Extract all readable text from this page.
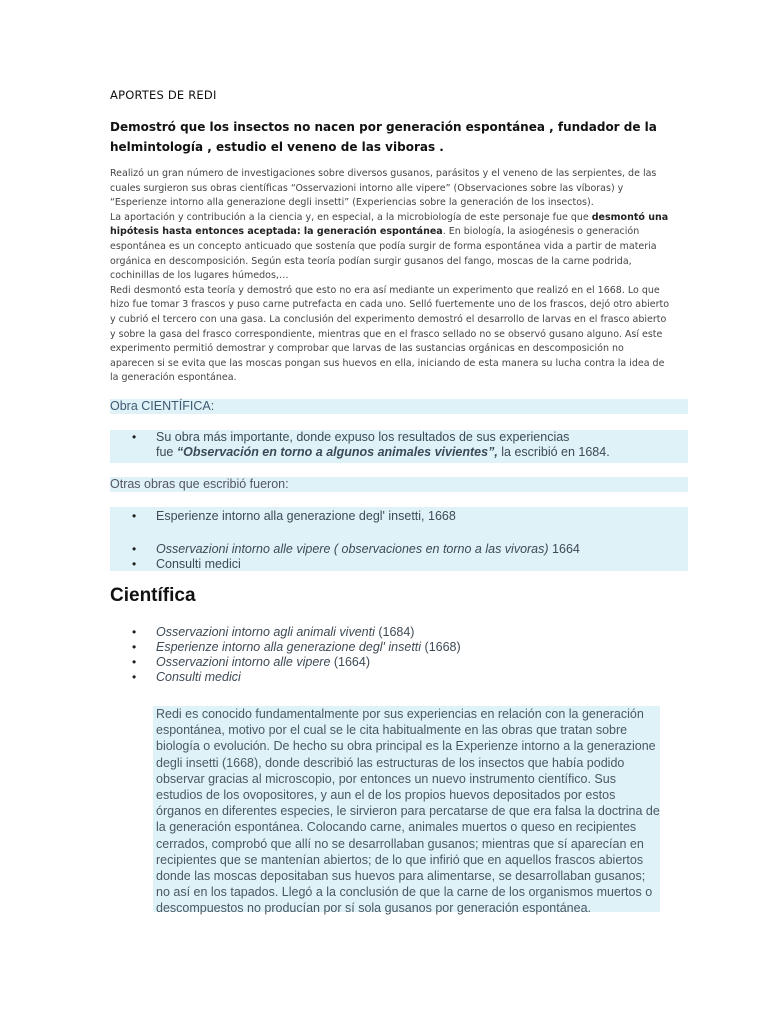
APORTES DE REDI
Demostró que los insectos no nacen por generación espontánea , fundador de la helmintología , estudio el veneno de las viboras .

Realizó un gran número de investigaciones sobre diversos gusanos, parásitos y el veneno de las serpientes, de las cuales surgieron sus obras científicas “Osservazioni intorno alle vipere” (Observaciones sobre las víboras) y “Esperienze intorno alla generazione degli insetti” (Experiencias sobre la generación de los insectos).

La aportación y contribución a la ciencia y, en especial, a la microbiología de este personaje fue que desmontó una hipótesis hasta entonces aceptada: la generación espontánea. En biología, la asiogénesis o generación espontánea es un concepto anticuado que sostenía que podía surgir de forma espontánea vida a partir de materia orgánica en descomposición. Según esta teoría podían surgir gusanos del fango, moscas de la carne podrida, cochinillas de los lugares húmedos,…

Redi desmontó esta teoría y demostró que esto no era así mediante un experimento que realizó en el 1668. Lo que hizo fue tomar 3 frascos y puso carne putrefacta en cada uno. Selló fuertemente uno de los frascos, dejó otro abierto y cubrió el tercero con una gasa. La conclusión del experimento demostró el desarrollo de larvas en el frasco abierto y sobre la gasa del frasco correspondiente, mientras que en el frasco sellado no se observó gusano alguno. Así este experimento permitió demostrar y comprobar que larvas de las sustancias orgánicas en descomposición no aparecen si se evita que las moscas pongan sus huevos en ella, iniciando de esta manera su lucha contra la idea de la generación espontánea.

Obra CIENTÍFICA:
• Su obra más importante, donde expuso los resultados de sus experiencias
fue “Observación en torno a algunos animales vivientes”, la escribió en 1684.
Otras obras que escribió fueron:
• Esperienze intorno alla generazione degl' insetti, 1668
• Osservazioni intorno alle vipere ( observaciones en torno a las vivoras) 1664
• Consulti medici
Científica
• Osservazioni intorno agli animali viventi (1684)
• Esperienze intorno alla generazione degl' insetti (1668)
• Osservazioni intorno alle vipere (1664)
• Consulti medici
Redi es conocido fundamentalmente por sus experiencias en relación con la generación espontánea, motivo por el cual se le cita habitualmente en las obras que tratan sobre biología o evolución. De hecho su obra principal es la Experienze intorno a la generazione degli insetti (1668), donde describió las estructuras de los insectos que había podido observar gracias al microscopio, por entonces un nuevo instrumento científico. Sus estudios de los ovopositores, y aun el de los propios huevos depositados por estos órganos en diferentes especies, le sirvieron para percatarse de que era falsa la doctrina de la generación espontánea. Colocando carne, animales muertos o queso en recipientes cerrados, comprobó que allí no se desarrollaban gusanos; mientras que sí aparecían en recipientes que se mantenían abiertos; de lo que infirió que en aquellos frascos abiertos donde las moscas depositaban sus huevos para alimentarse, se desarrollaban gusanos; no así en los tapados. Llegó a la conclusión de que la carne de los organismos muertos o descompuestos no producían por sí sola gusanos por generación espontánea.
